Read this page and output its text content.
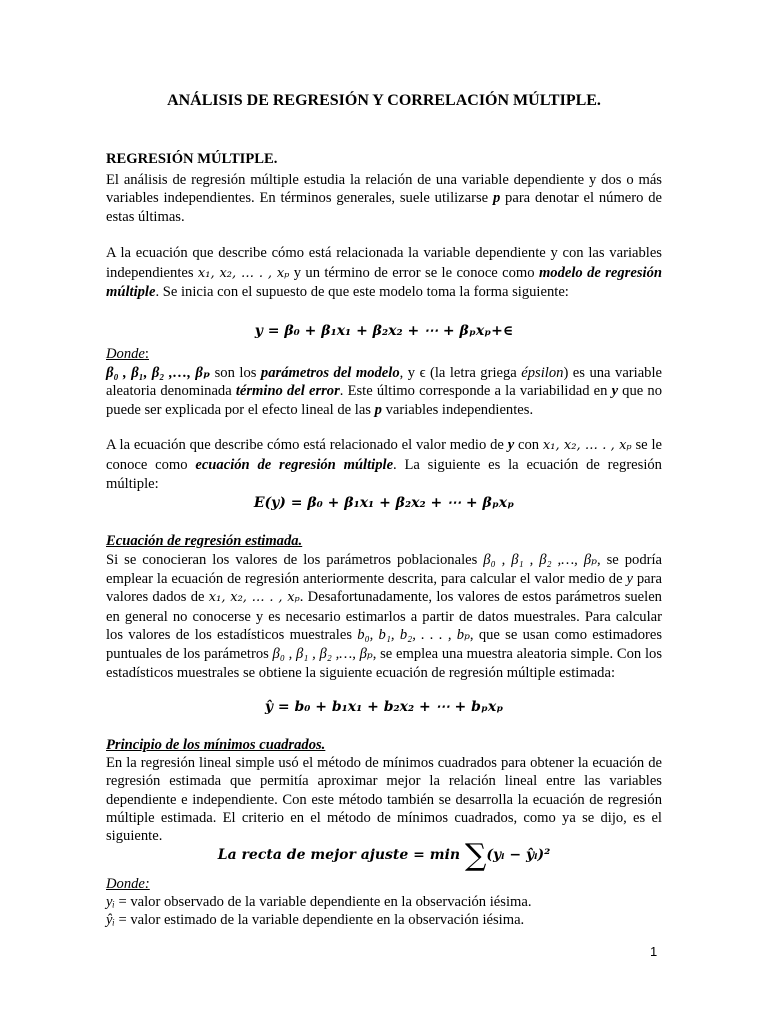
ANÁLISIS DE REGRESIÓN Y CORRELACIÓN MÚLTIPLE.
REGRESIÓN MÚLTIPLE.
El análisis de regresión múltiple estudia la relación de una variable dependiente y dos o más variables independientes. En términos generales, suele utilizarse p para denotar el número de estas últimas.
A la ecuación que describe cómo está relacionada la variable dependiente y con las variables independientes x₁, x₂, … . , xₚ y un término de error se le conoce como modelo de regresión múltiple. Se inicia con el supuesto de que este modelo toma la forma siguiente:
y = β₀ + β₁x₁ + β₂x₂ + ⋯ + βₚxₚ+∈
Donde:
β₀ , β₁, β₂ ,…, βₚ son los parámetros del modelo, y ϵ (la letra griega épsilon) es una variable aleatoria denominada término del error. Este último corresponde a la variabilidad en y que no puede ser explicada por el efecto lineal de las p variables independientes.
A la ecuación que describe cómo está relacionado el valor medio de y con x₁, x₂, … . , xₚ se le conoce como ecuación de regresión múltiple. La siguiente es la ecuación de regresión múltiple:
E(y) = β₀ + β₁x₁ + β₂x₂ + ⋯ + βₚxₚ
Ecuación de regresión estimada.
Si se conocieran los valores de los parámetros poblacionales β₀ , β₁ , β₂ ,…, βₚ, se podría emplear la ecuación de regresión anteriormente descrita, para calcular el valor medio de y para valores dados de x₁, x₂, … . , xₚ. Desafortunadamente, los valores de estos parámetros suelen en general no conocerse y es necesario estimarlos a partir de datos muestrales. Para calcular los valores de los estadísticos muestrales b₀, b₁, b₂, . . . , bₚ, que se usan como estimadores puntuales de los parámetros β₀ , β₁ , β₂ ,…, βₚ, se emplea una muestra aleatoria simple. Con los estadísticos muestrales se obtiene la siguiente ecuación de regresión múltiple estimada:
ŷ = b₀ + b₁x₁ + b₂x₂ + ⋯ + bₚxₚ
Principio de los mínimos cuadrados.
En la regresión lineal simple usó el método de mínimos cuadrados para obtener la ecuación de regresión estimada que permitía aproximar mejor la relación lineal entre las variables dependiente e independiente. Con este método también se desarrolla la ecuación de regresión múltiple estimada. El criterio en el método de mínimos cuadrados, como ya se dijo, es el siguiente.
La recta de mejor ajuste = min ∑(yᵢ − ŷᵢ)²
Donde:
yᵢ = valor observado de la variable dependiente en la observación iésima.
ŷᵢ = valor estimado de la variable dependiente en la observación iésima.
1
